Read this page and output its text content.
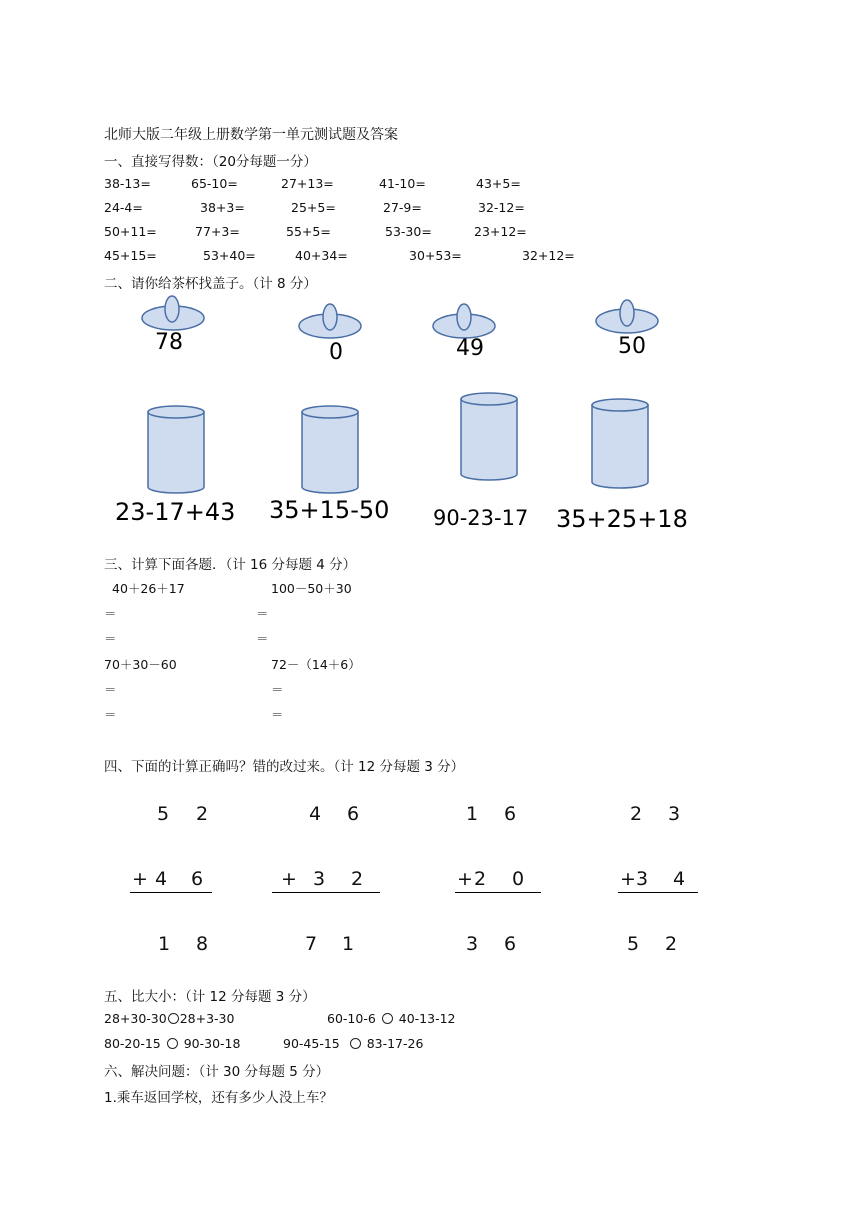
北师大版二年级上册数学第一单元测试题及答案
一、直接写得数：（20分每题一分）
38-13=	65-10=	27+13=	41-10=	43+5=
24-4=	38+3=	25+5=	27-9=	32-12=
50+11=	77+3=	55+5=	53-30=	23+12=
45+15=	53+40=	40+34=	30+53=	32+12=
二、请你给茶杯找盖子。（计 8 分）
78	0	49	50
23-17+43 35+15-50 90-23-17 35+25+18
三、计算下面各题．（计 16 分每题 4 分）
40＋26＋17	100－50＋30
＝	＝
＝	＝
70＋30－60	72－（14＋6）
＝	＝
＝	＝
四、下面的计算正确吗？错的改过来。（计 12 分每题 3 分）
5 2
+ 4 6
1 8
4 6
+ 3 2
7 1
1 6
+ 2 0
3 6
2 3
+ 3 4
5 2
五、比大小：（计 12 分每题 3 分）
28+30-30 28+3-30	60-10-6 40-13-12
80-20-15 90-30-18	90-45-15 83-17-26
六、解决问题：（计 30 分每题 5 分）
1.乘车返回学校，还有多少人没上车？
